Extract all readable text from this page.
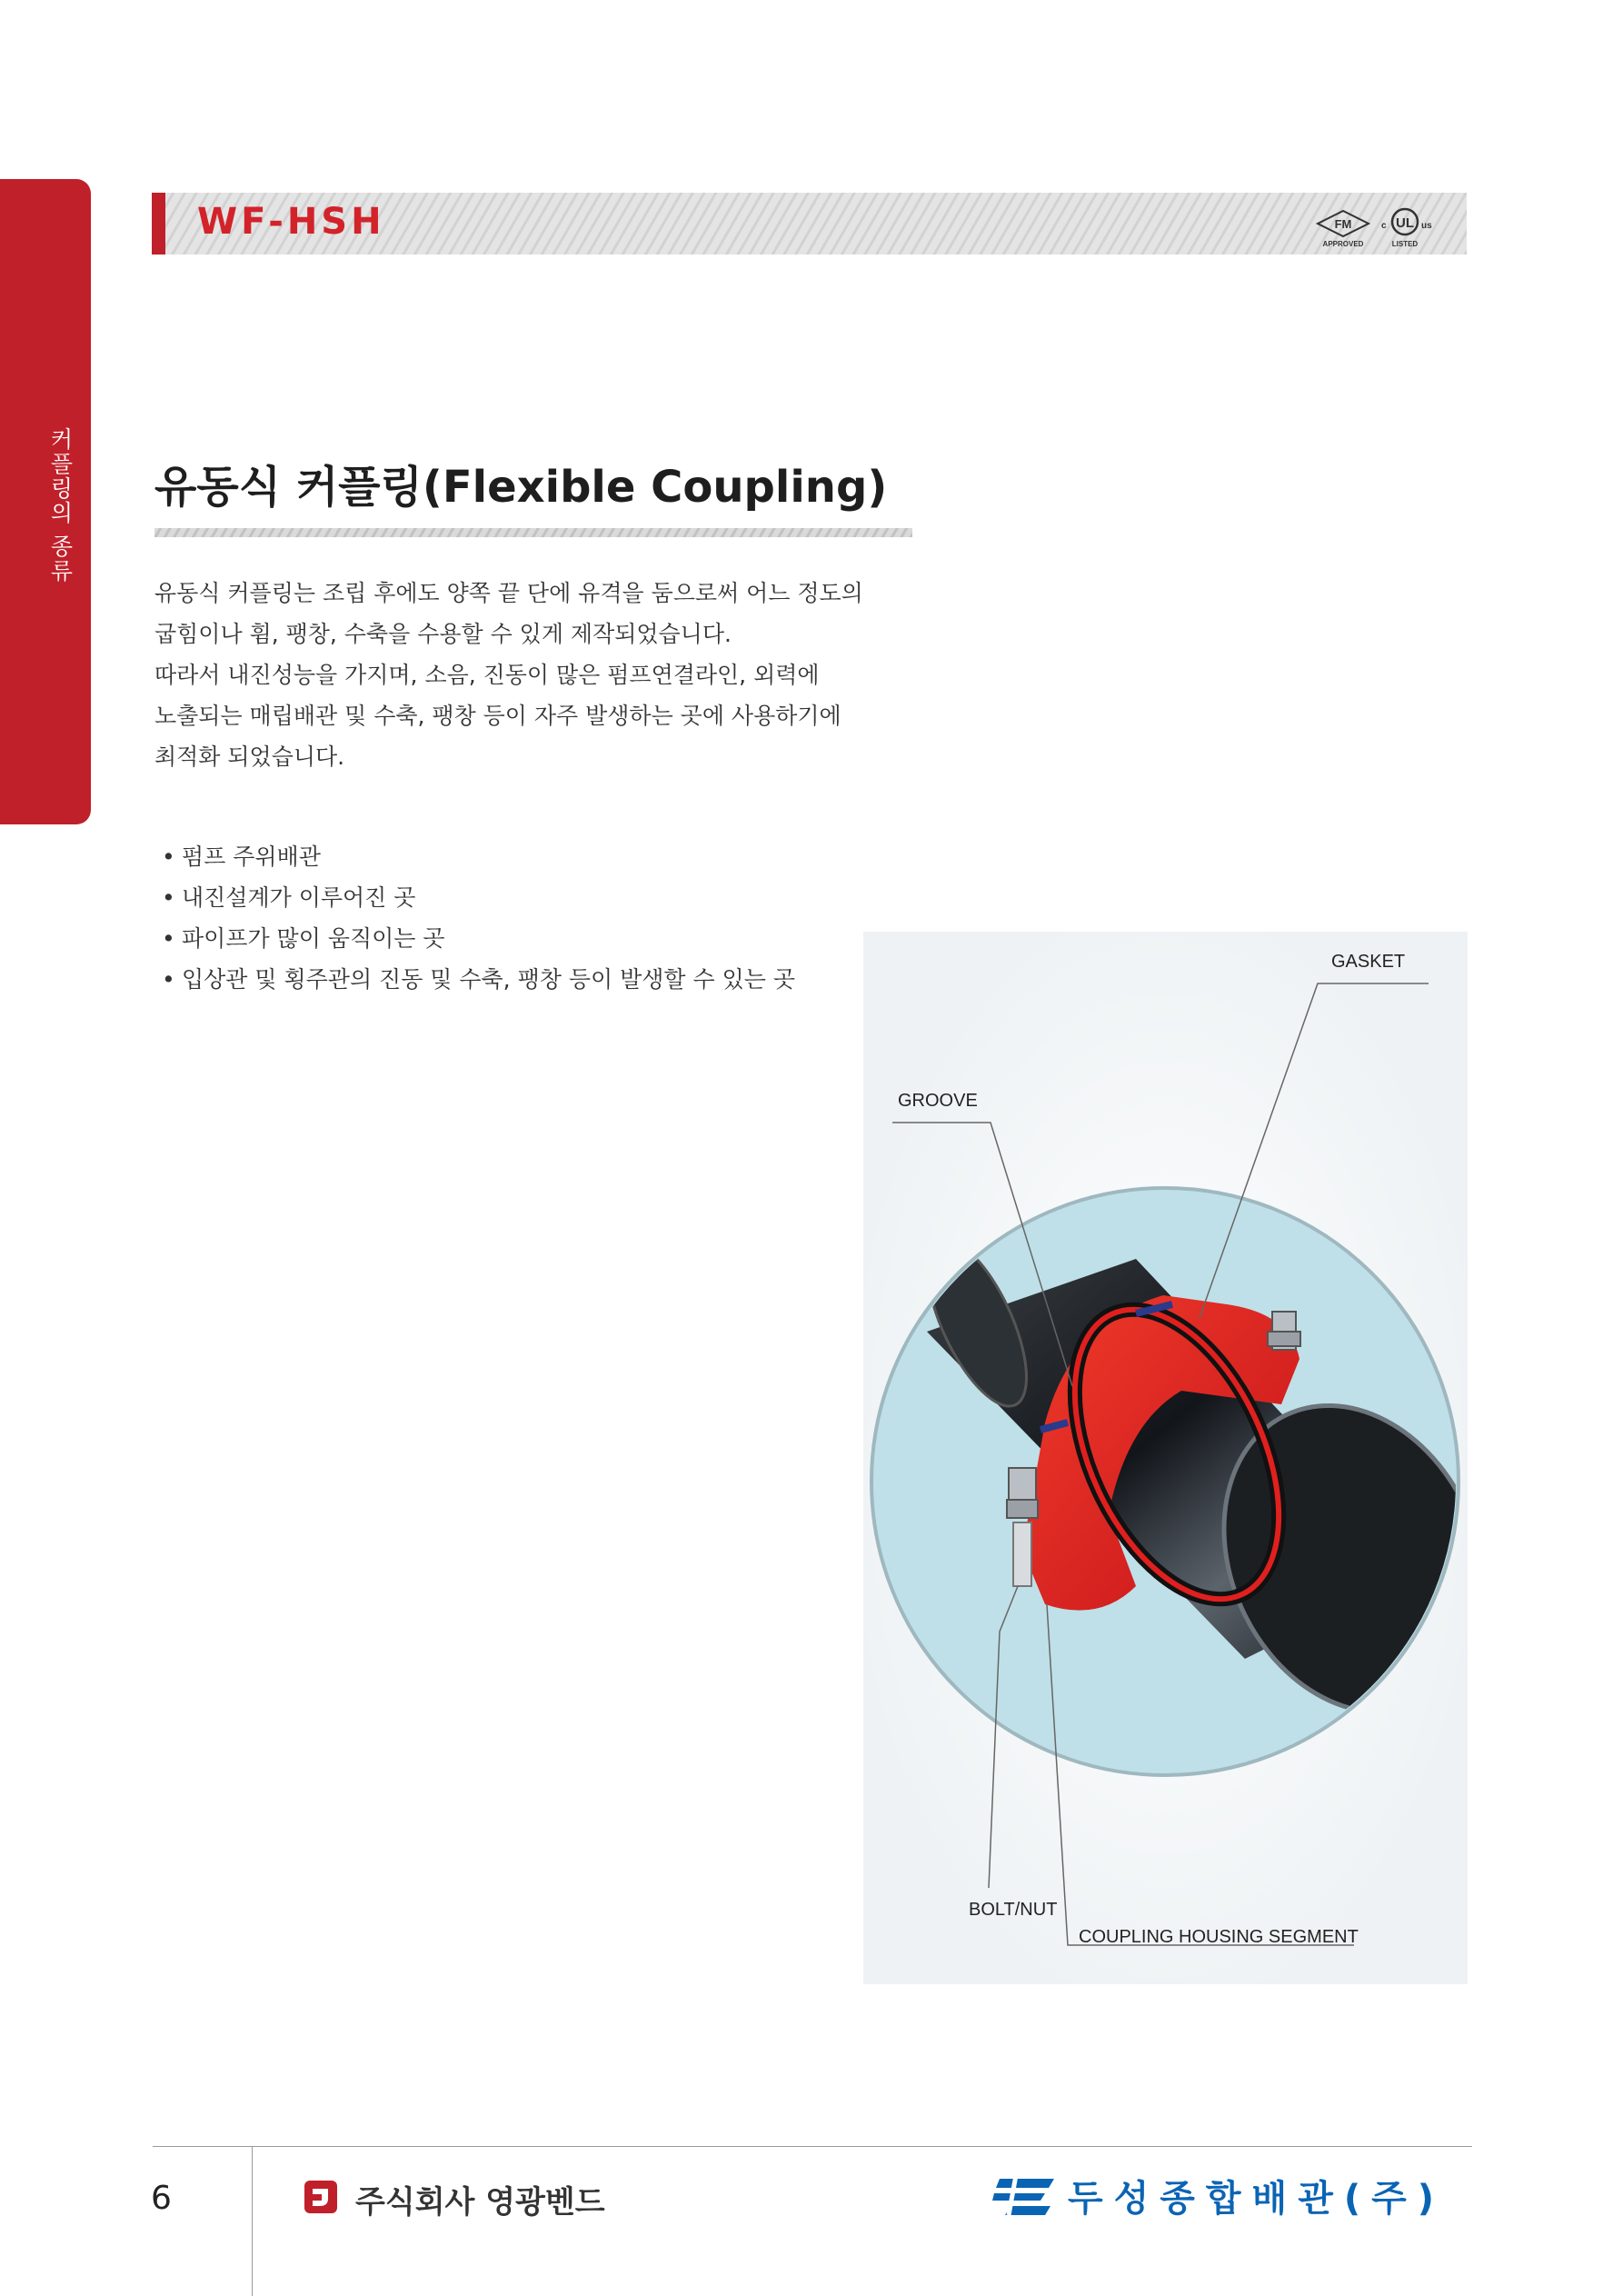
커플링의 종류
WF-HSH	FM
APPROVED
c UL us
LISTED
유동식 커플링(Flexible Coupling)
유동식 커플링는 조립 후에도 양쪽 끝 단에 유격을 둠으로써 어느 정도의
굽힘이나 휨, 팽창, 수축을 수용할 수 있게 제작되었습니다.
따라서 내진성능을 가지며, 소음, 진동이 많은 펌프연결라인, 외력에
노출되는 매립배관 및 수축, 팽창 등이 자주 발생하는 곳에 사용하기에
최적화 되었습니다.
• 펌프 주위배관
• 내진설계가 이루어진 곳
• 파이프가 많이 움직이는 곳
• 입상관 및 횡주관의 진동 및 수축, 팽창 등이 발생할 수 있는 곳
GASKET
GROOVE
BOLT/NUT
COUPLING HOUSING SEGMENT
6	주식회사 영광벤드	두성종합배관(주)
